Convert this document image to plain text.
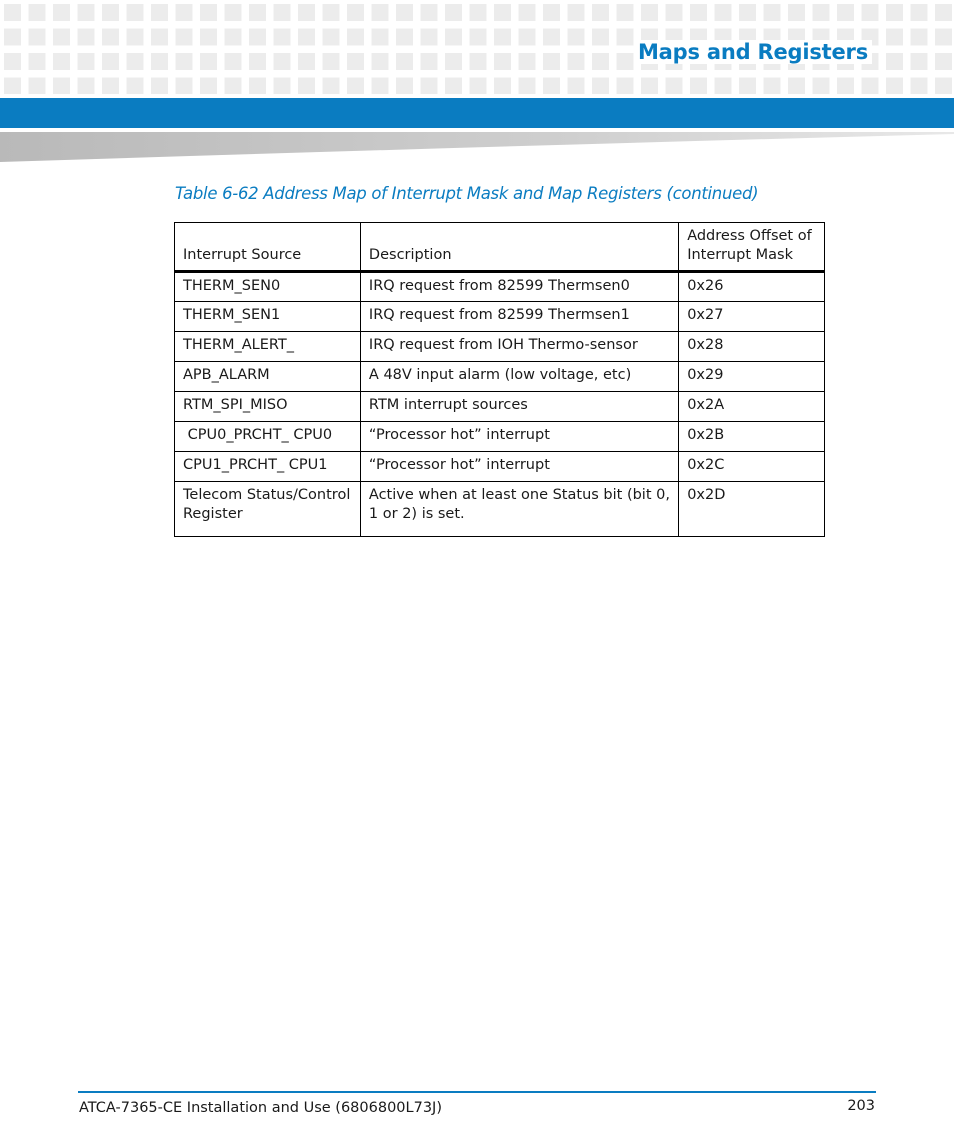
Maps and Registers
Table 6-62 Address Map of Interrupt Mask and Map Registers (continued)
Interrupt Source	Description	Address Offset of Interrupt Mask
THERM_SEN0	IRQ request from 82599 Thermsen0	0x26
THERM_SEN1	IRQ request from 82599 Thermsen1	0x27
THERM_ALERT_	IRQ request from IOH Thermo-sensor	0x28
APB_ALARM	A 48V input alarm (low voltage, etc)	0x29
RTM_SPI_MISO	RTM interrupt sources	0x2A
CPU0_PRCHT_ CPU0	“Processor hot” interrupt	0x2B
CPU1_PRCHT_ CPU1	“Processor hot” interrupt	0x2C
Telecom Status/Control Register	Active when at least one Status bit (bit 0, 1 or 2) is set.	0x2D
ATCA-7365-CE Installation and Use (6806800L73J)	203
